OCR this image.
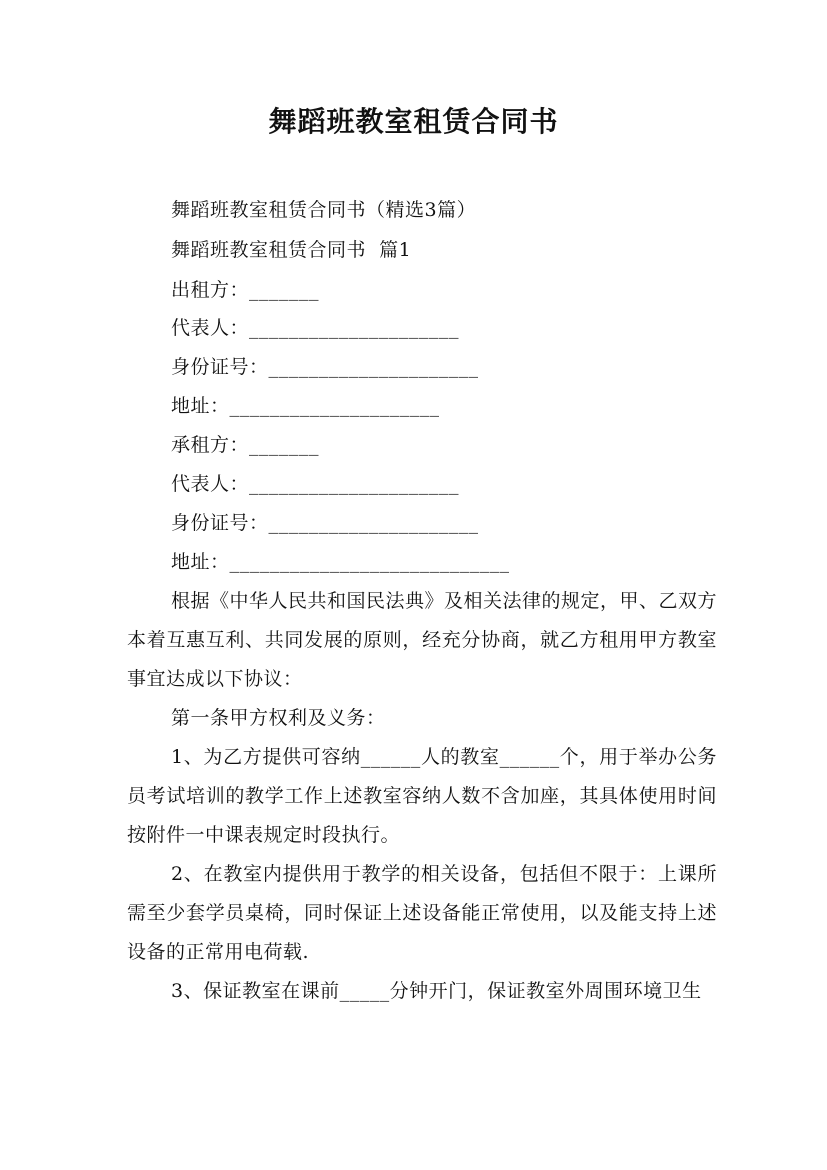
舞蹈班教室租赁合同书
舞蹈班教室租赁合同书（精选3篇）
舞蹈班教室租赁合同书  篇1
出租方：_______
代表人：_____________________
身份证号：_____________________
地址：_____________________
承租方：_______
代表人：_____________________
身份证号：_____________________
地址：____________________________

根据《中华人民共和国民法典》及相关法律的规定，甲、乙双方本着互惠互利、共同发展的原则，经充分协商，就乙方租用甲方教室事宜达成以下协议：

第一条甲方权利及义务：

1、为乙方提供可容纳______人的教室______个，用于举办公务员考试培训的教学工作上述教室容纳人数不含加座，其具体使用时间按附件一中课表规定时段执行。

2、在教室内提供用于教学的相关设备，包括但不限于：上课所需至少套学员桌椅，同时保证上述设备能正常使用，以及能支持上述设备的正常用电荷载.

3、保证教室在课前_____分钟开门，保证教室外周围环境卫生
